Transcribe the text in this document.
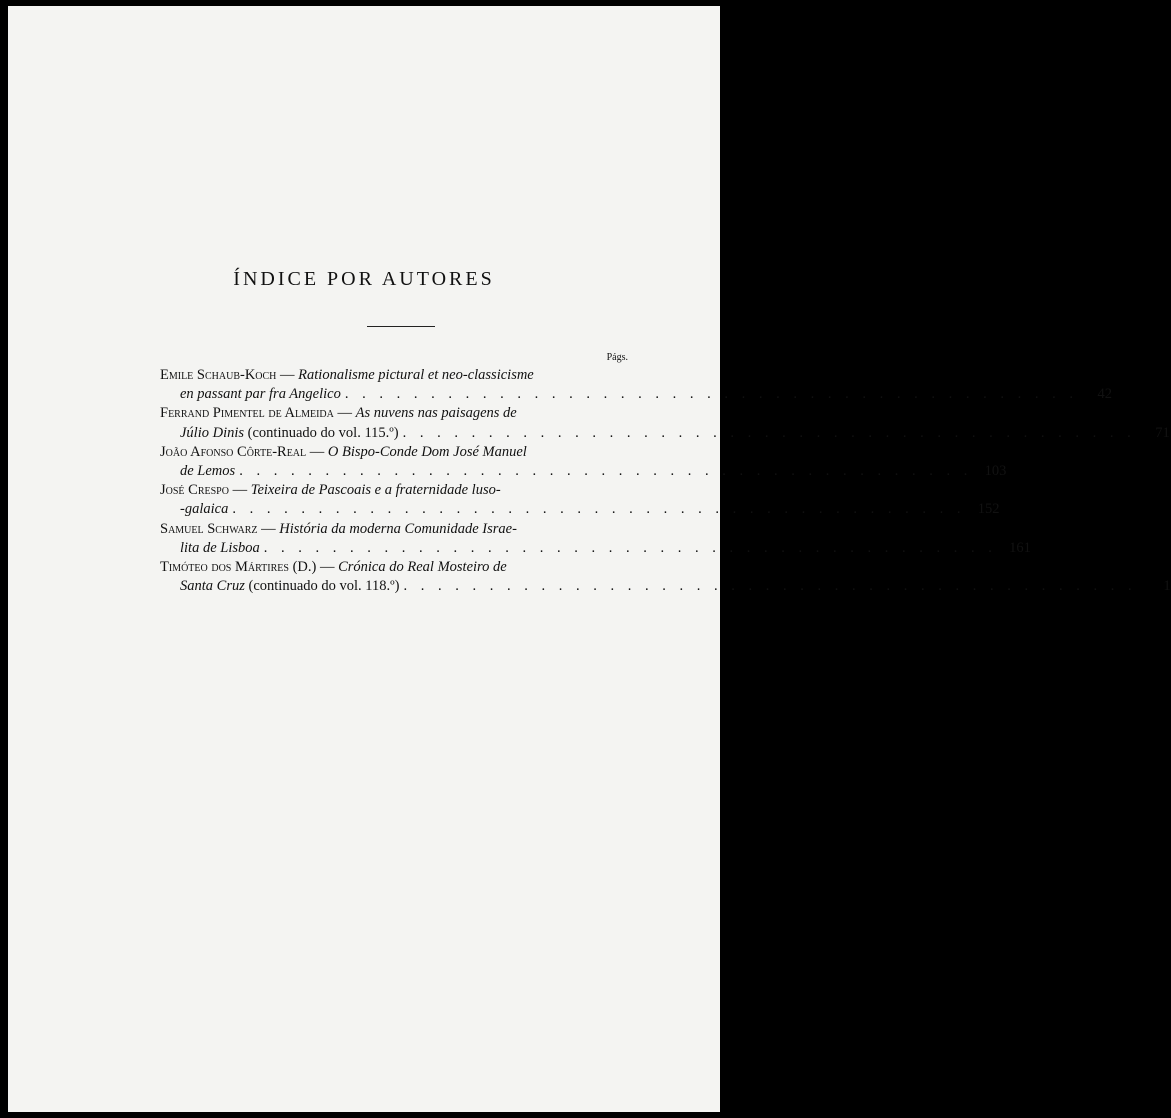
ÍNDICE POR AUTORES
Págs.
Emile Schaub-Koch — Rationalisme pictural et neo-classicisme
en passant par fra Angelico . . . . . . . . . . . . . . . . . . . . . . . . . . . . . . . . . . . . . . . . . . .	42
Ferrand Pimentel de Almeida — As nuvens nas paisagens de
Júlio Dinis (continuado do vol. 115.º) . . . . . . . . . . . . . . . . . . . . . . . . . . . . . . . . . . . . . . . . . . .	71
João Afonso Côrte-Real — O Bispo-Conde Dom José Manuel
de Lemos . . . . . . . . . . . . . . . . . . . . . . . . . . . . . . . . . . . . . . . . . . . 103
José Crespo — Teixeira de Pascoais e a fraternidade luso-
-galaica . . . . . . . . . . . . . . . . . . . . . . . . . . . . . . . . . . . . . . . . . . . 152
Samuel Schwarz — História da moderna Comunidade Israe-
lita de Lisboa . . . . . . . . . . . . . . . . . . . . . . . . . . . . . . . . . . . . . . . . . . . 161
Timóteo dos Mártires (D.) — Crónica do Real Mosteiro de
Santa Cruz (continuado do vol. 118.º) . . . . . . . . . . . . . . . . . . . . . . . . . . . . . . . . . . . . . . . . . . .	1
